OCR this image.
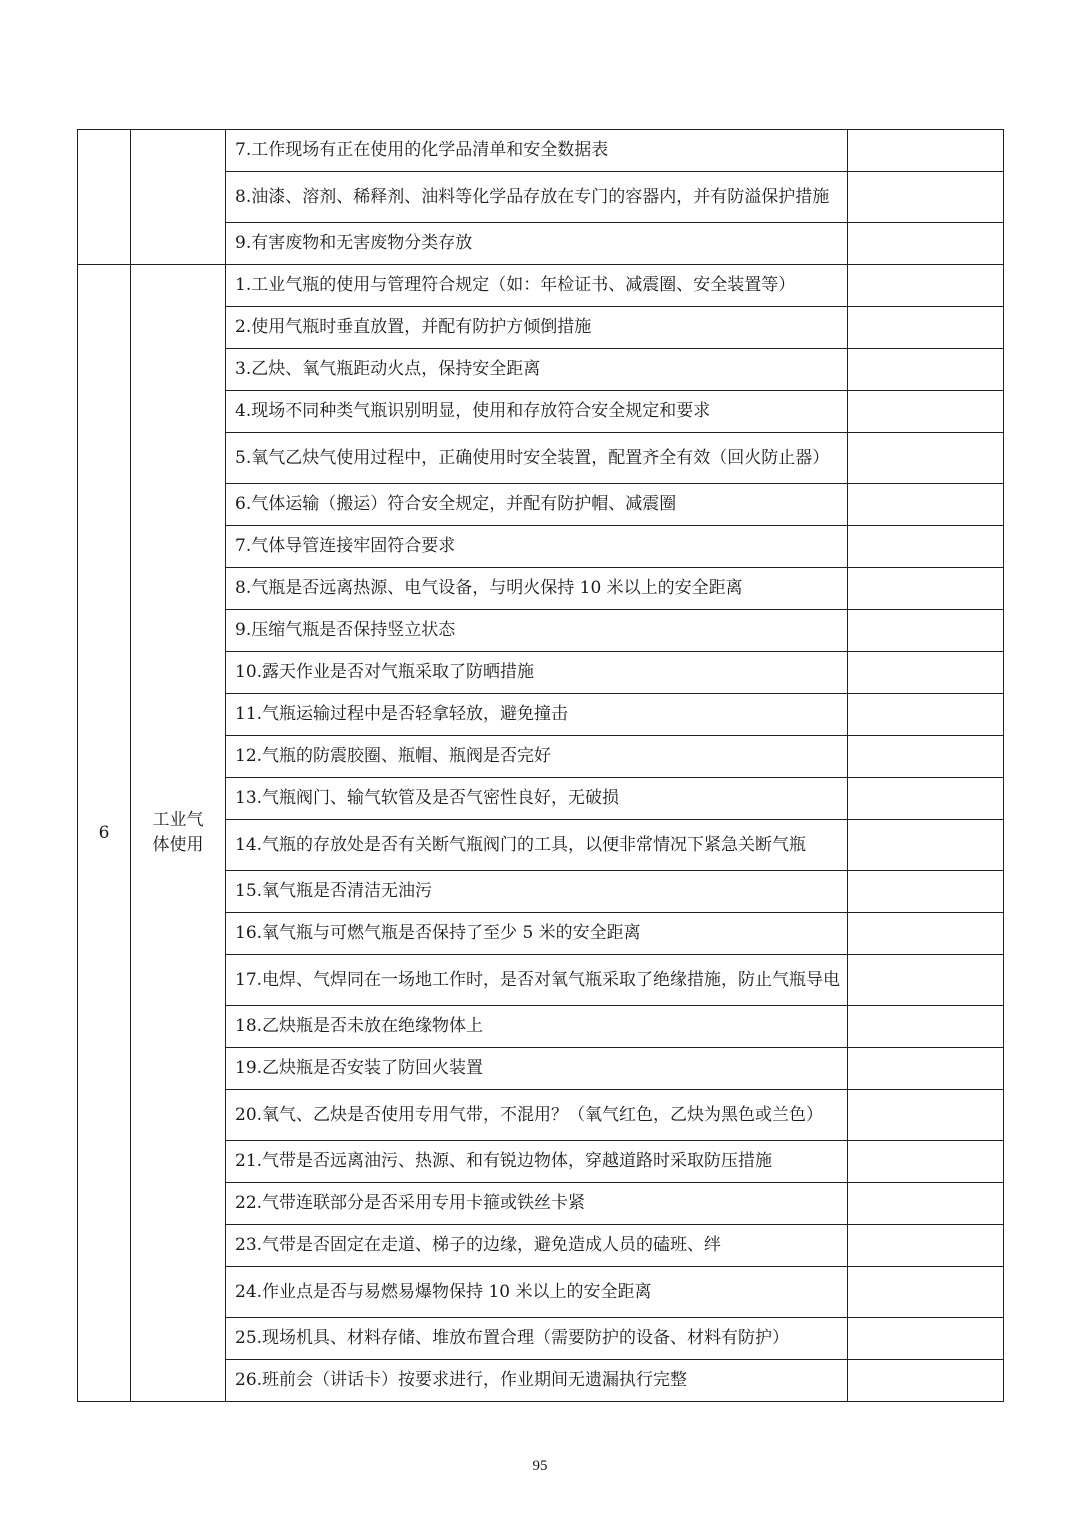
		7.工作现场有正在使用的化学品清单和安全数据表	
		8.油漆、溶剂、稀释剂、油料等化学品存放在专门的容器内，并有防溢保护措施	
		9.有害废物和无害废物分类存放	
6	工业气体使用	1.工业气瓶的使用与管理符合规定（如：年检证书、减震圈、安全装置等）	
		2.使用气瓶时垂直放置，并配有防护方倾倒措施	
		3.乙炔、氧气瓶距动火点，保持安全距离	
		4.现场不同种类气瓶识别明显，使用和存放符合安全规定和要求	
		5.氧气乙炔气使用过程中，正确使用时安全装置，配置齐全有效（回火防止器）	
		6.气体运输（搬运）符合安全规定，并配有防护帽、减震圈	
		7.气体导管连接牢固符合要求	
		8.气瓶是否远离热源、电气设备，与明火保持 10 米以上的安全距离	
		9.压缩气瓶是否保持竖立状态	
		10.露天作业是否对气瓶采取了防晒措施	
		11.气瓶运输过程中是否轻拿轻放，避免撞击	
		12.气瓶的防震胶圈、瓶帽、瓶阀是否完好	
		13.气瓶阀门、输气软管及是否气密性良好，无破损	
		14.气瓶的存放处是否有关断气瓶阀门的工具，以便非常情况下紧急关断气瓶	
		15.氧气瓶是否清洁无油污	
		16.氧气瓶与可燃气瓶是否保持了至少 5 米的安全距离	
		17.电焊、气焊同在一场地工作时，是否对氧气瓶采取了绝缘措施，防止气瓶导电	
		18.乙炔瓶是否未放在绝缘物体上	
		19.乙炔瓶是否安装了防回火装置	
		20.氧气、乙炔是否使用专用气带，不混用？（氧气红色，乙炔为黑色或兰色）	
		21.气带是否远离油污、热源、和有锐边物体，穿越道路时采取防压措施	
		22.气带连联部分是否采用专用卡箍或铁丝卡紧	
		23.气带是否固定在走道、梯子的边缘，避免造成人员的磕班、绊	
		24.作业点是否与易燃易爆物保持 10 米以上的安全距离	
		25.现场机具、材料存储、堆放布置合理（需要防护的设备、材料有防护）	
		26.班前会（讲话卡）按要求进行，作业期间无遗漏执行完整	
95
